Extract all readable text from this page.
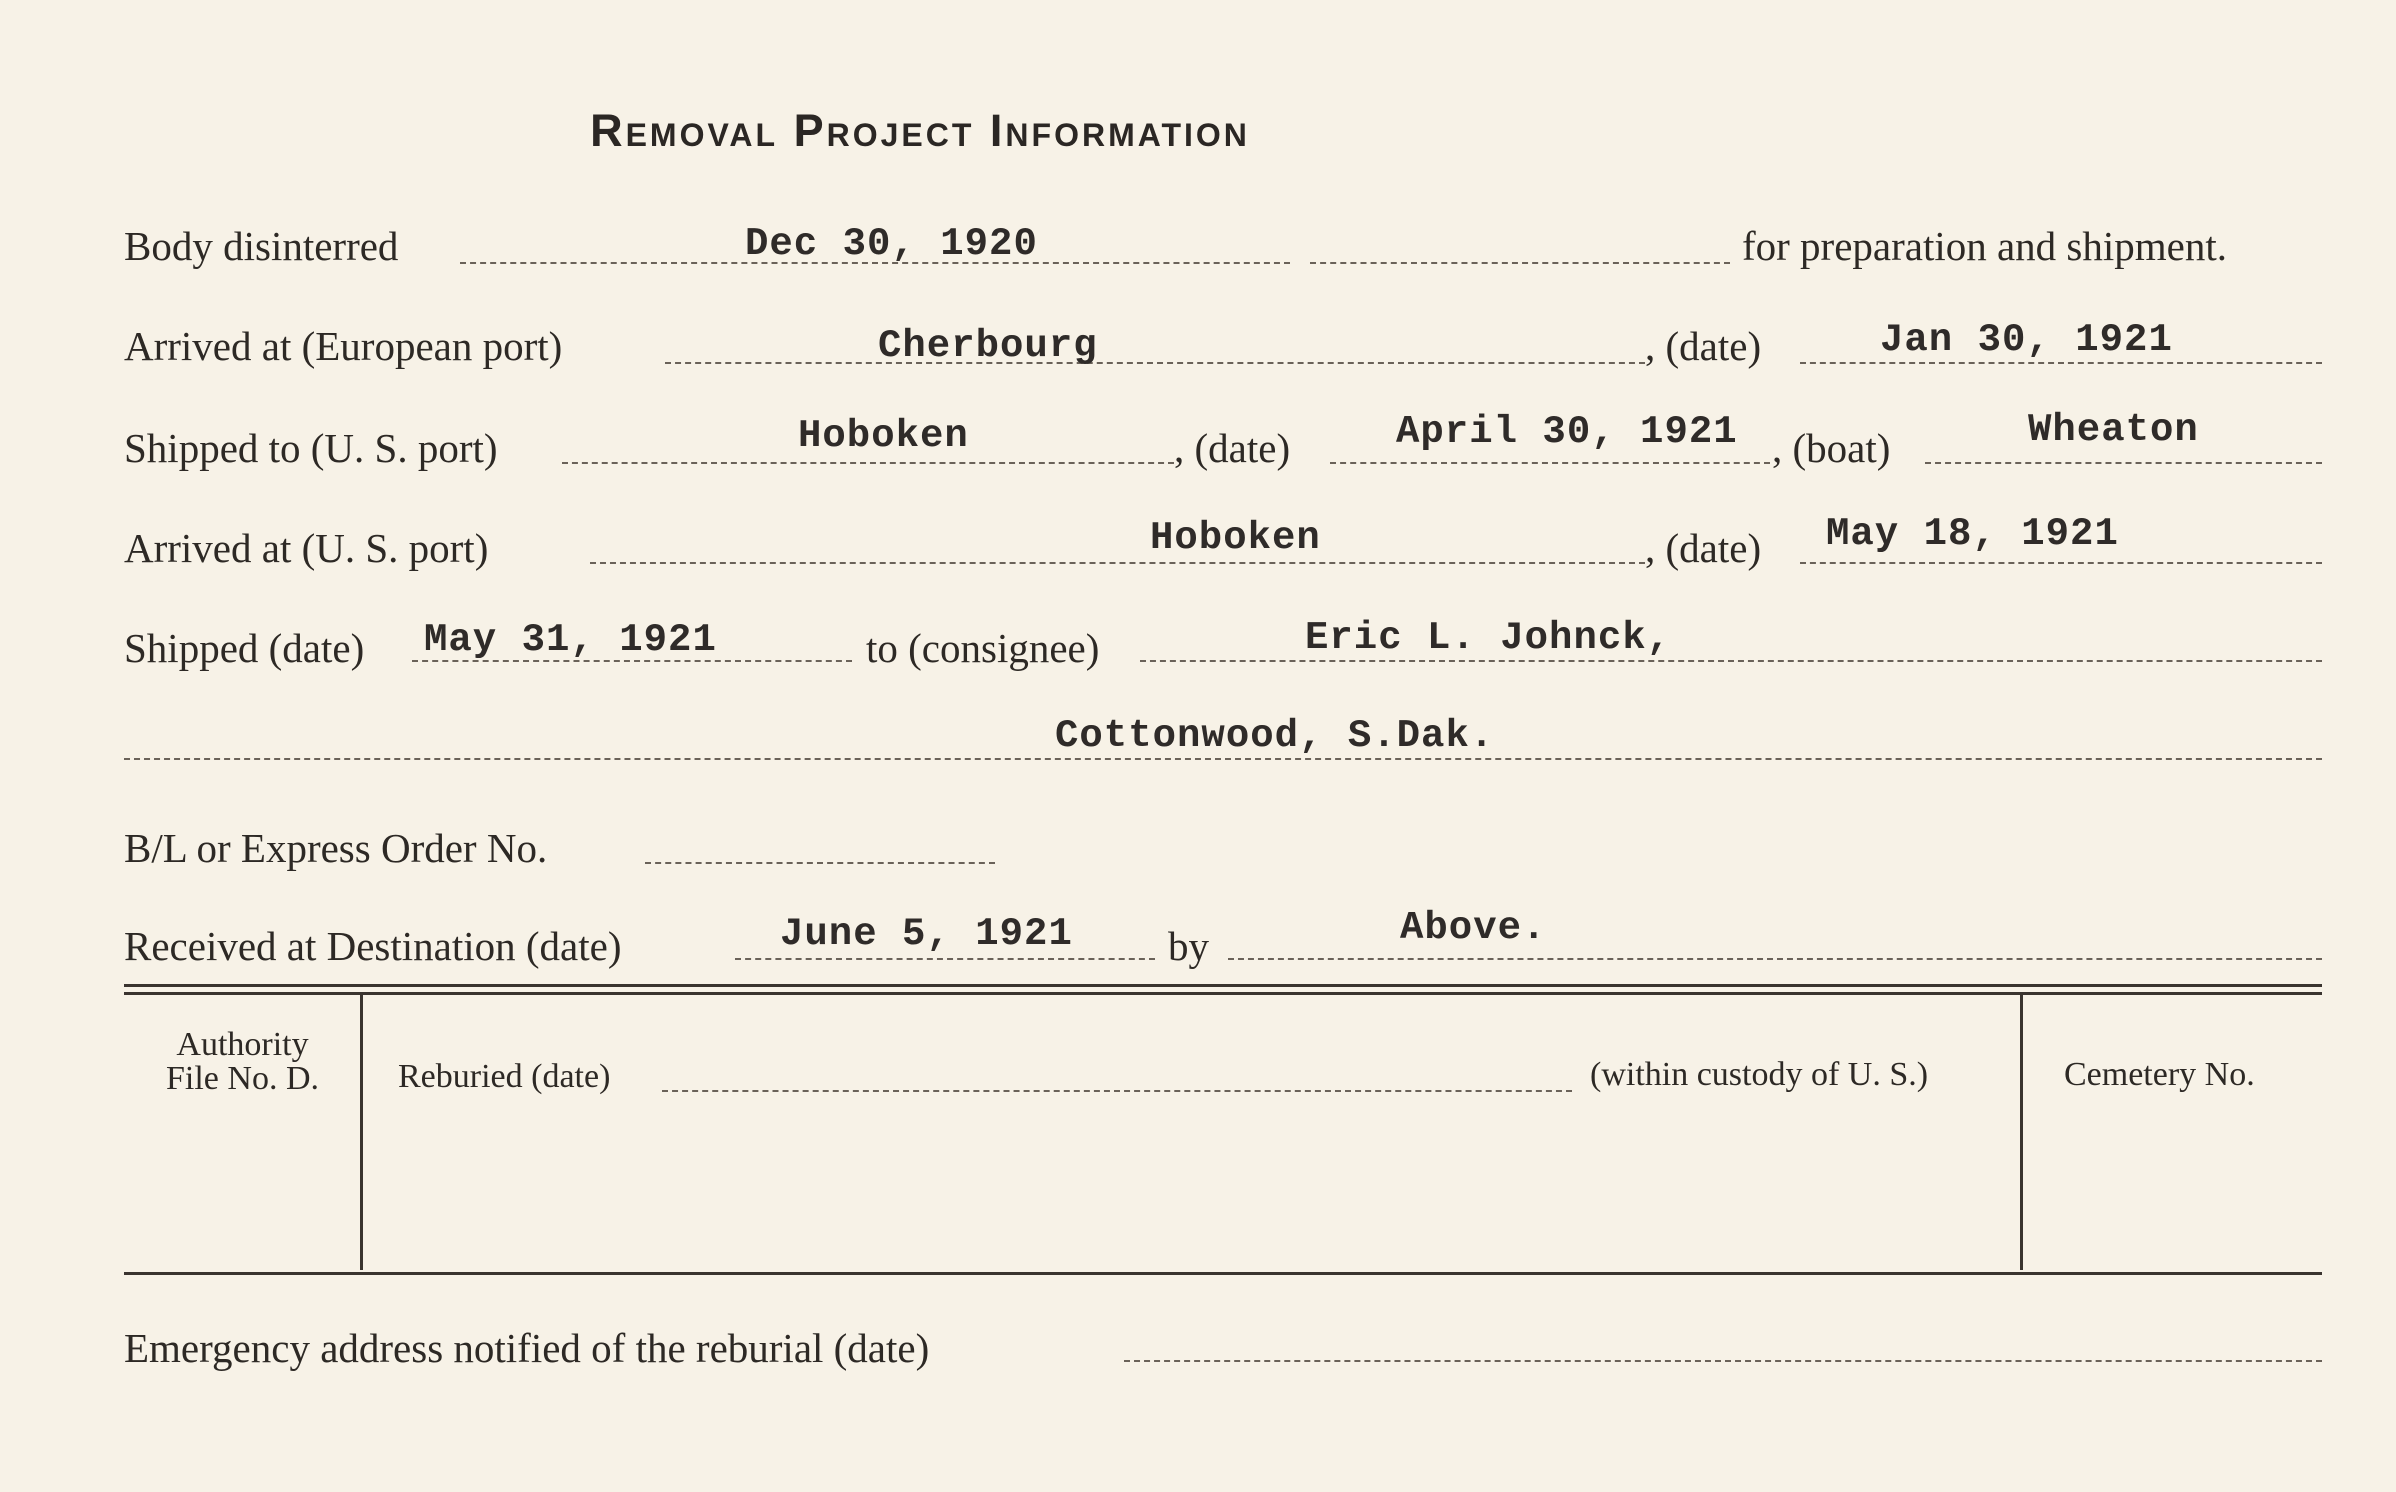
Removal Project Information
Body disinterred	Dec 30, 1920	for preparation and shipment.
Arrived at (European port)	Cherbourg	, (date)	Jan 30, 1921
Shipped to (U. S. port)	Hoboken	, (date)	April 30, 1921 , (boat)	Wheaton
Arrived at (U. S. port)	Hoboken	, (date) May 18, 1921
Shipped (date) May 31, 1921	to (consignee)	Eric L. Johnck,
Cottonwood, S.Dak.
B/L or Express Order No.
Received at Destination (date)	June 5, 1921 by	Above.
Authority
File No. D.	Reburied (date)	(within custody of U. S.)	Cemetery No.
Emergency address notified of the reburial (date)
